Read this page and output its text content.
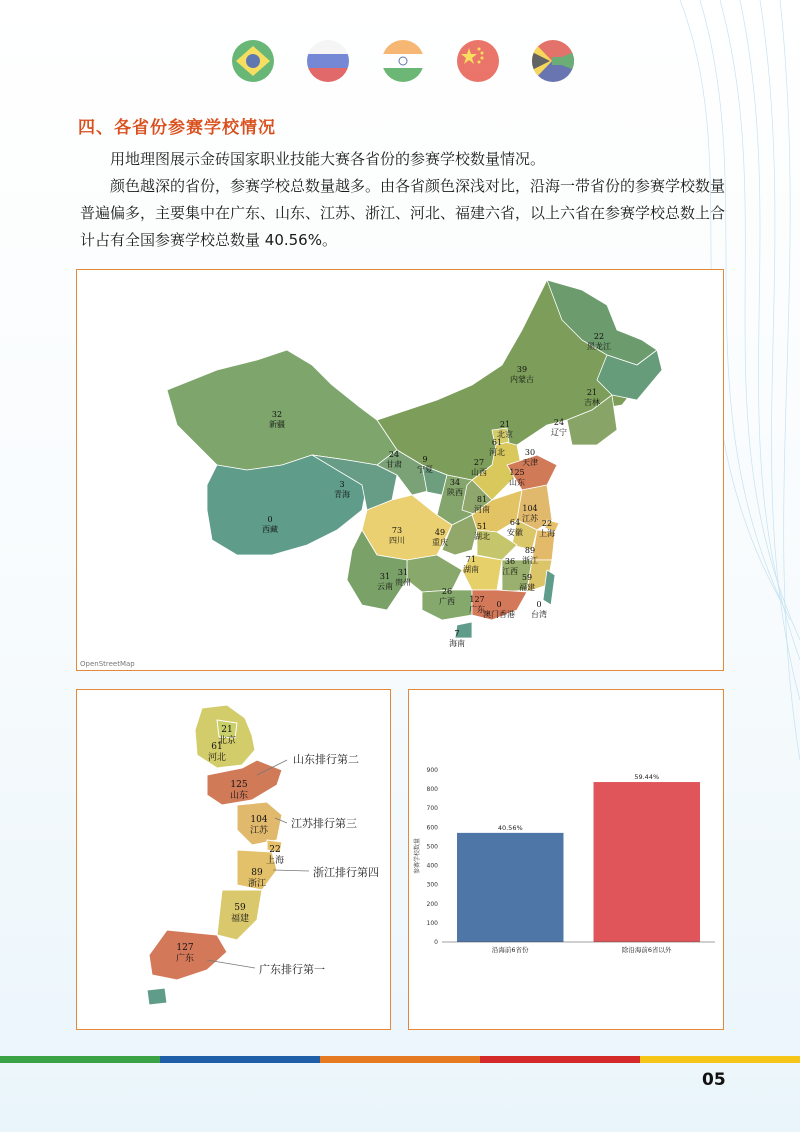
四、各省份参赛学校情况
用地理图展示金砖国家职业技能大赛各省份的参赛学校数量情况。
颜色越深的省份，参赛学校总数量越多。由各省颜色深浅对比，沿海一带省份的参赛学校数量普遍偏多，主要集中在广东、山东、江苏、浙江、河北、福建六省，以上六省在参赛学校总数上合计占有全国参赛学校总数量 40.56%。
OpenStreetMap
22
黑龙江
39
内蒙古
21
吉林
24
辽宁
32
新疆
24
甘肃
9
宁夏
21
北京
61
河北	30
天津
27
山西	125
山东
3
青海
34
陕西
81
河南	104
江苏
64
安徽
22
上海
0
西藏	73
四川
49
重庆
51
湖北
89
浙江
71
湖南
36
江西
59
福建
31
贵州
31
云南
26
广西 127
广东
0
台湾
0
澳门香港
7
海南
21
北京
61
河北
125
山东
104
江苏
22
上海
89
浙江
59
福建
127
广东
山东排行第二
江苏排行第三
浙江排行第四
广东排行第一
0
100
200
300
400
500
600
700
800
900
参赛学校数量
40.56%
沿海前6省份
59.44%
除沿海前6省以外
05
